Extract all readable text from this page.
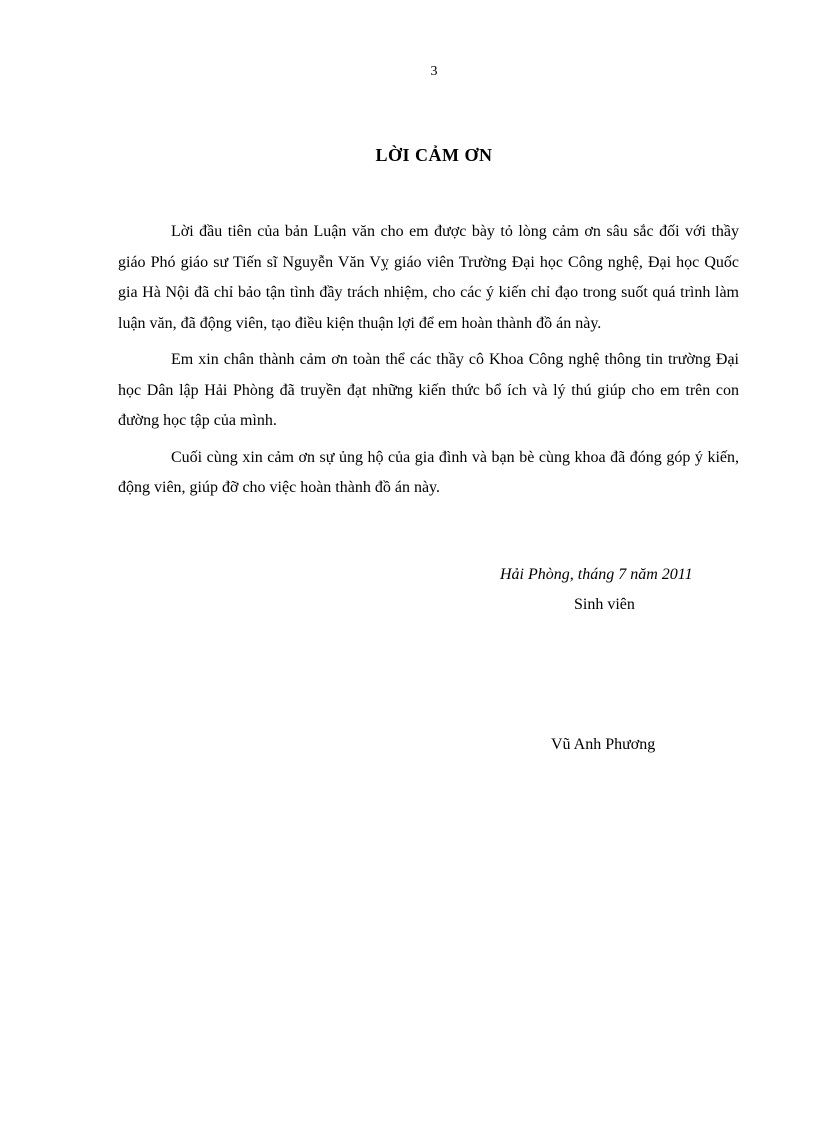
3
LỜI CẢM ƠN

Lời đầu tiên của bản Luận văn cho em được bày tỏ lòng cảm ơn sâu sắc đối với thầy giáo Phó giáo sư Tiến sĩ Nguyễn Văn Vỵ giáo viên Trường Đại học Công nghệ, Đại học Quốc gia Hà Nội đã chỉ bảo tận tình đầy trách nhiệm, cho các ý kiến chỉ đạo trong suốt quá trình làm luận văn, đã động viên, tạo điều kiện thuận lợi để em hoàn thành đồ án này.

Em xin chân thành cảm ơn toàn thể các thầy cô Khoa Công nghệ thông tin trường Đại học Dân lập Hải Phòng đã truyền đạt những kiến thức bổ ích và lý thú giúp cho em trên con đường học tập của mình.

Cuối cùng xin cảm ơn sự ủng hộ của gia đình và bạn bè cùng khoa đã đóng góp ý kiến, động viên, giúp đỡ cho việc hoàn thành đồ án này.

Hải Phòng, tháng 7 năm 2011
Sinh viên
Vũ Anh Phương
